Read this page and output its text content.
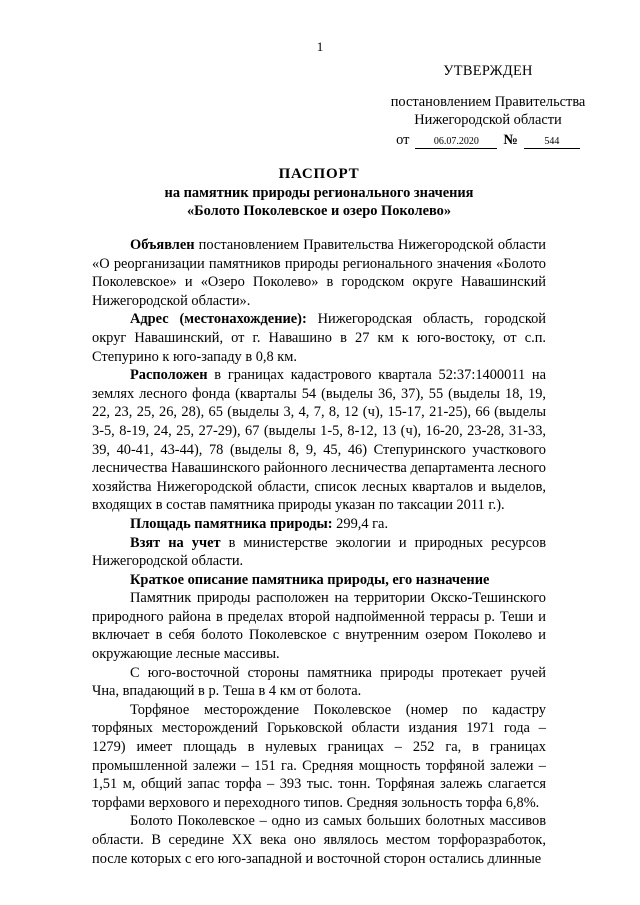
1
УТВЕРЖДЕН
постановлением Правительства
Нижегородской области
от	06.07.2020	№	544
ПАСПОРТ
на памятник природы регионального значения
«Болото Поколевское и озеро Поколево»

Объявлен постановлением Правительства Нижегородской области «О реорганизации памятников природы регионального значения «Болото Поколевское» и «Озеро Поколево» в городском округе Навашинский Нижегородской области».

Адрес (местонахождение): Нижегородская область, городской округ Навашинский, от г. Навашино в 27 км к юго-востоку, от с.п. Степурино к юго-западу в 0,8 км.

Расположен в границах кадастрового квартала 52:37:1400011 на землях лесного фонда (кварталы 54 (выделы 36, 37), 55 (выделы 18, 19, 22, 23, 25, 26, 28), 65 (выделы 3, 4, 7, 8, 12 (ч), 15-17, 21-25), 66 (выделы 3-5, 8-19, 24, 25, 27-29), 67 (выделы 1-5, 8-12, 13 (ч), 16-20, 23-28, 31-33, 39, 40-41, 43-44), 78 (выделы 8, 9, 45, 46) Степуринского участкового лесничества Навашинского районного лесничества департамента лесного хозяйства Нижегородской области, список лесных кварталов и выделов, входящих в состав памятника природы указан по таксации 2011 г.).

Площадь памятника природы: 299,4 га.

Взят на учет в министерстве экологии и природных ресурсов Нижегородской области.

Краткое описание памятника природы, его назначение

Памятник природы расположен на территории Окско-Тешинского природного района в пределах второй надпойменной террасы р. Теши и включает в себя болото Поколевское с внутренним озером Поколево и окружающие лесные массивы.

С юго-восточной стороны памятника природы протекает ручей Чна, впадающий в р. Теша в 4 км от болота.

Торфяное месторождение Поколевское (номер по кадастру торфяных месторождений Горьковской области издания 1971 года – 1279) имеет площадь в нулевых границах – 252 га, в границах промышленной залежи – 151 га. Средняя мощность торфяной залежи – 1,51 м, общий запас торфа – 393 тыс. тонн. Торфяная залежь слагается торфами верхового и переходного типов. Средняя зольность торфа 6,8%.

Болото Поколевское – одно из самых больших болотных массивов области. В середине XX века оно являлось местом торфоразработок, после которых с его юго-западной и восточной сторон остались длинные
